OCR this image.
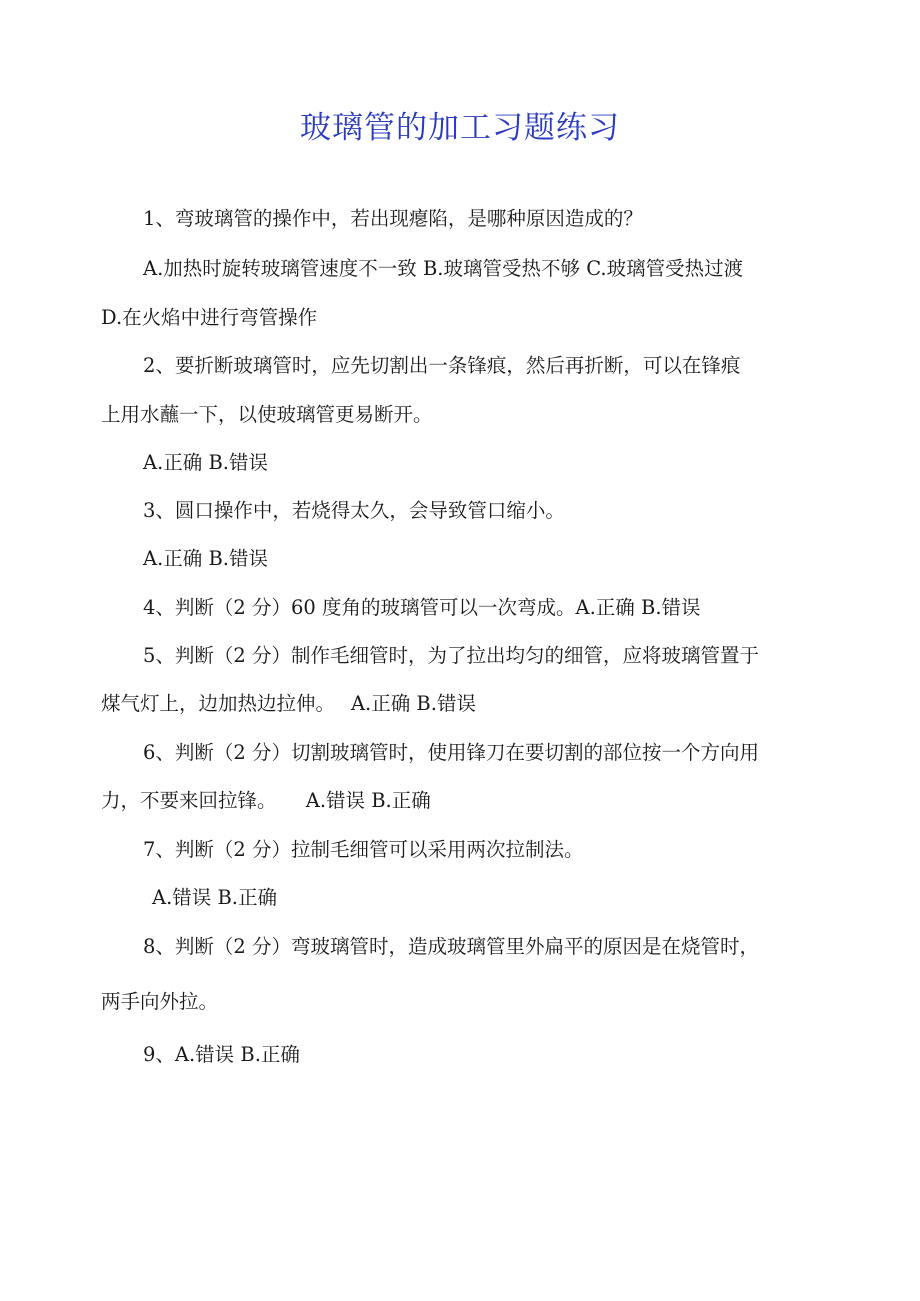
玻璃管的加工习题练习

1、弯玻璃管的操作中，若出现瘪陷，是哪种原因造成的？

A.加热时旋转玻璃管速度不一致 B.玻璃管受热不够 C.玻璃管受热过渡

D.在火焰中进行弯管操作

2、要折断玻璃管时，应先切割出一条锋痕，然后再折断，可以在锋痕

上用水蘸一下，以使玻璃管更易断开。

A.正确 B.错误

3、圆口操作中，若烧得太久，会导致管口缩小。

A.正确 B.错误

4、判断（2 分）60 度角的玻璃管可以一次弯成。A.正确 B.错误

5、判断（2 分）制作毛细管时，为了拉出均匀的细管，应将玻璃管置于

煤气灯上，边加热边拉伸。　 A.正确 B.错误

6、判断（2 分）切割玻璃管时，使用锋刀在要切割的部位按一个方向用

力，不要来回拉锋。　　A.错误 B.正确

7、判断（2 分）拉制毛细管可以采用两次拉制法。

A.错误 B.正确

8、判断（2 分）弯玻璃管时，造成玻璃管里外扁平的原因是在烧管时，

两手向外拉。

9、A.错误 B.正确
